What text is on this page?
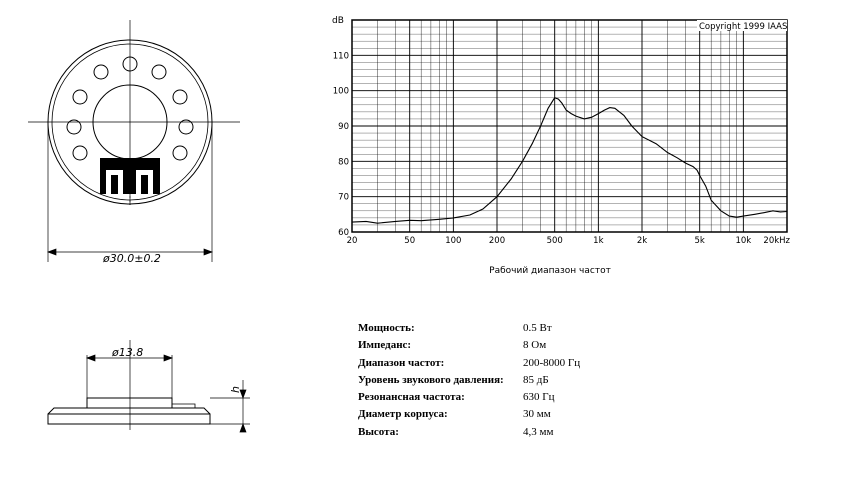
ø30.0±0.2
ø13.8
h
60
70
80
90
100
110
20	50	100	200	500	1k	2k	5k	10k 20kHz
dB
Copyright 1999 IAAS
Рабочий диапазон частот
Мощность:	0.5 Вт
Импеданс:	8 Ом
Диапазон частот:	200-8000 Гц
Уровень звукового давления:	85 дБ
Резонансная частота:	630 Гц
Диаметр корпуса:	30 мм
Высота:	4,3 мм
